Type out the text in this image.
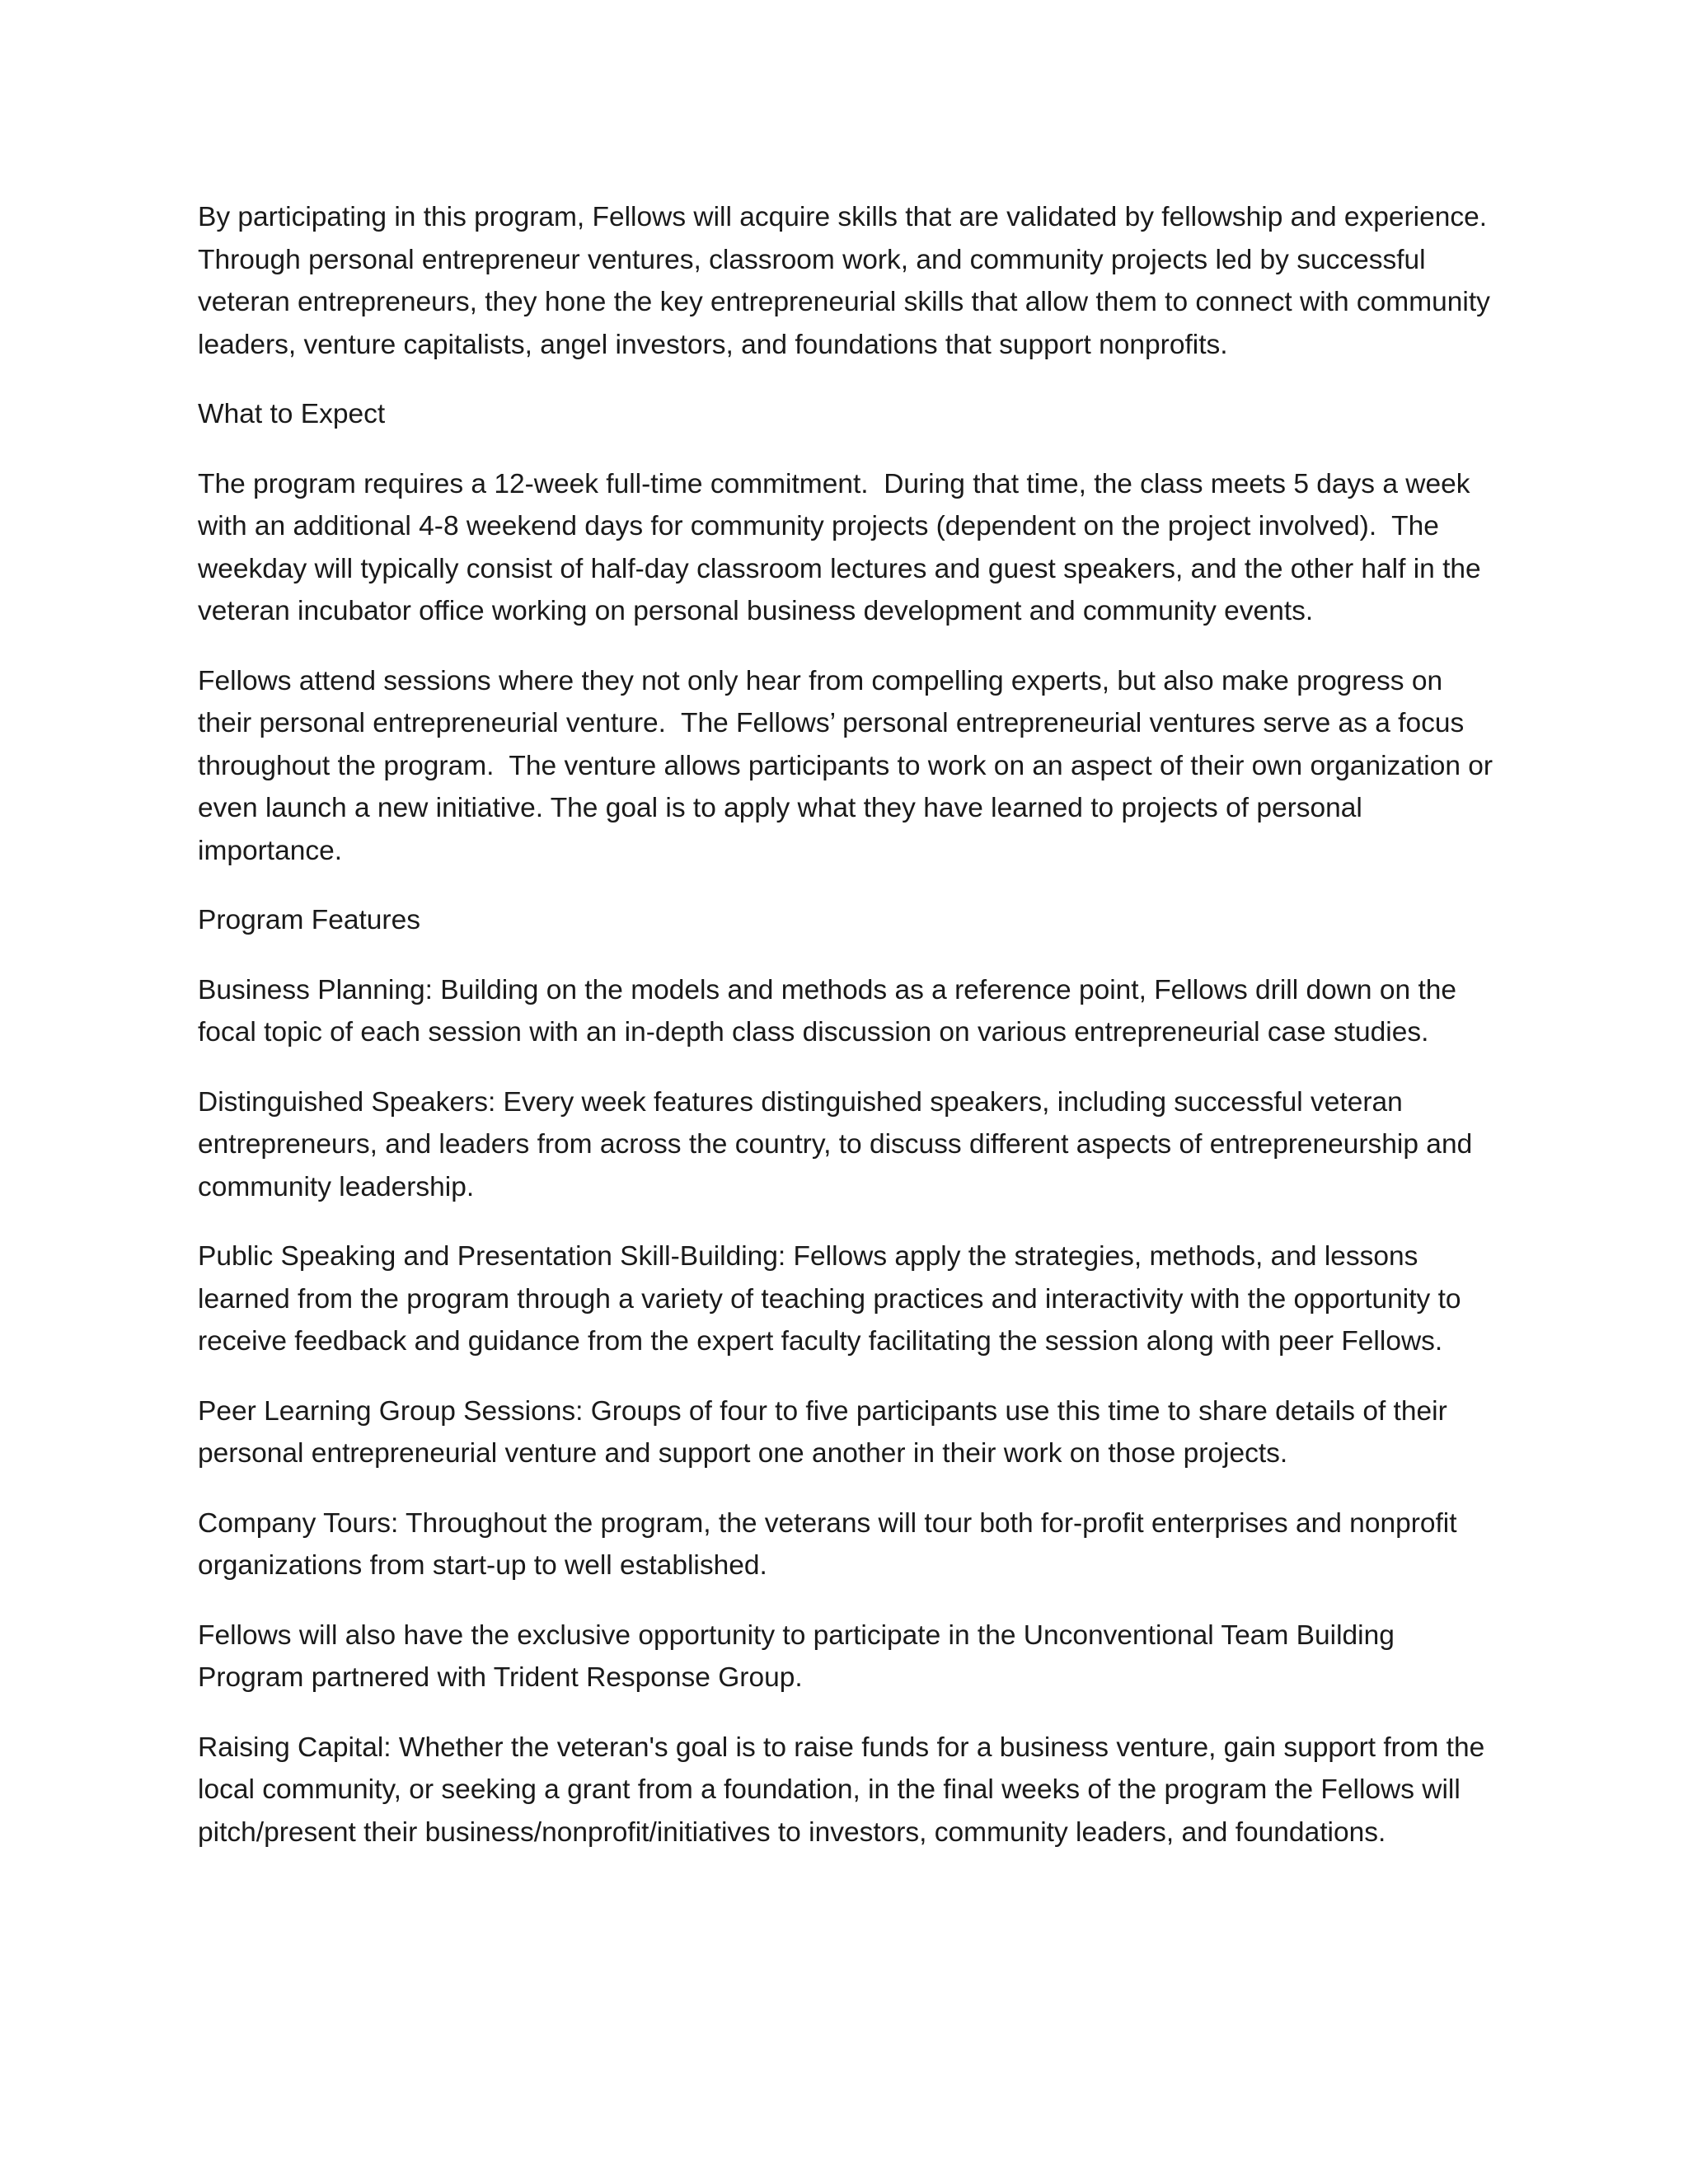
By participating in this program, Fellows will acquire skills that are validated by fellowship and experience.  Through personal entrepreneur ventures, classroom work, and community projects led by successful veteran entrepreneurs, they hone the key entrepreneurial skills that allow them to connect with community leaders, venture capitalists, angel investors, and foundations that support nonprofits.

What to Expect

The program requires a 12-week full-time commitment.  During that time, the class meets 5 days a week with an additional 4-8 weekend days for community projects (dependent on the project involved).  The weekday will typically consist of half-day classroom lectures and guest speakers, and the other half in the veteran incubator office working on personal business development and community events.

Fellows attend sessions where they not only hear from compelling experts, but also make progress on their personal entrepreneurial venture.  The Fellows’ personal entrepreneurial ventures serve as a focus throughout the program.  The venture allows participants to work on an aspect of their own organization or even launch a new initiative. The goal is to apply what they have learned to projects of personal importance.

Program Features

Business Planning: Building on the models and methods as a reference point, Fellows drill down on the focal topic of each session with an in-depth class discussion on various entrepreneurial case studies.

Distinguished Speakers: Every week features distinguished speakers, including successful veteran entrepreneurs, and leaders from across the country, to discuss different aspects of entrepreneurship and community leadership.

Public Speaking and Presentation Skill-Building: Fellows apply the strategies, methods, and lessons learned from the program through a variety of teaching practices and interactivity with the opportunity to receive feedback and guidance from the expert faculty facilitating the session along with peer Fellows.

Peer Learning Group Sessions: Groups of four to five participants use this time to share details of their personal entrepreneurial venture and support one another in their work on those projects.

Company Tours: Throughout the program, the veterans will tour both for-profit enterprises and nonprofit organizations from start-up to well established.

Fellows will also have the exclusive opportunity to participate in the Unconventional Team Building Program partnered with Trident Response Group.

Raising Capital: Whether the veteran's goal is to raise funds for a business venture, gain support from the local community, or seeking a grant from a foundation, in the final weeks of the program the Fellows will pitch/present their business/nonprofit/initiatives to investors, community leaders, and foundations.
